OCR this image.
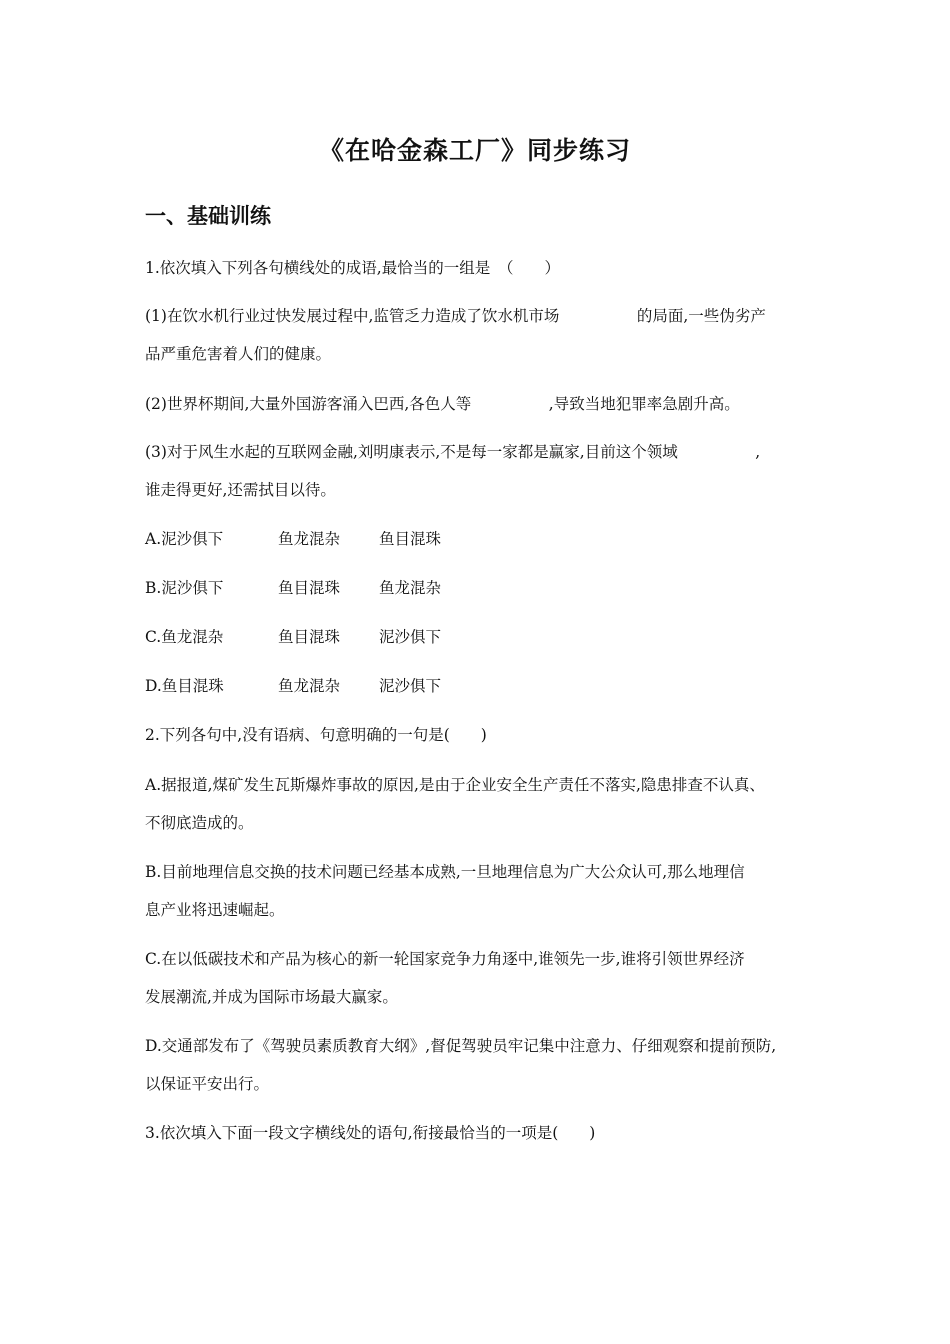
《在哈金森工厂》同步练习
一、基础训练
1.依次填入下列各句横线处的成语,最恰当的一组是　（　　）
(1)在饮水机行业过快发展过程中,监管乏力造成了饮水机市场　　　　　的局面,一些伪劣产
品严重危害着人们的健康。
(2)世界杯期间,大量外国游客涌入巴西,各色人等　　　　　,导致当地犯罪率急剧升高。
(3)对于风生水起的互联网金融,刘明康表示,不是每一家都是赢家,目前这个领域　　　　　,
谁走得更好,还需拭目以待。
A.泥沙俱下	鱼龙混杂	鱼目混珠
B.泥沙俱下	鱼目混珠	鱼龙混杂
C.鱼龙混杂	鱼目混珠	泥沙俱下
D.鱼目混珠	鱼龙混杂	泥沙俱下
2.下列各句中,没有语病、句意明确的一句是(　　)
A.据报道,煤矿发生瓦斯爆炸事故的原因,是由于企业安全生产责任不落实,隐患排查不认真、
不彻底造成的。
B.目前地理信息交换的技术问题已经基本成熟,一旦地理信息为广大公众认可,那么地理信
息产业将迅速崛起。
C.在以低碳技术和产品为核心的新一轮国家竞争力角逐中,谁领先一步,谁将引领世界经济
发展潮流,并成为国际市场最大赢家。
D.交通部发布了《驾驶员素质教育大纲》,督促驾驶员牢记集中注意力、仔细观察和提前预防,
以保证平安出行。
3.依次填入下面一段文字横线处的语句,衔接最恰当的一项是(　　)
